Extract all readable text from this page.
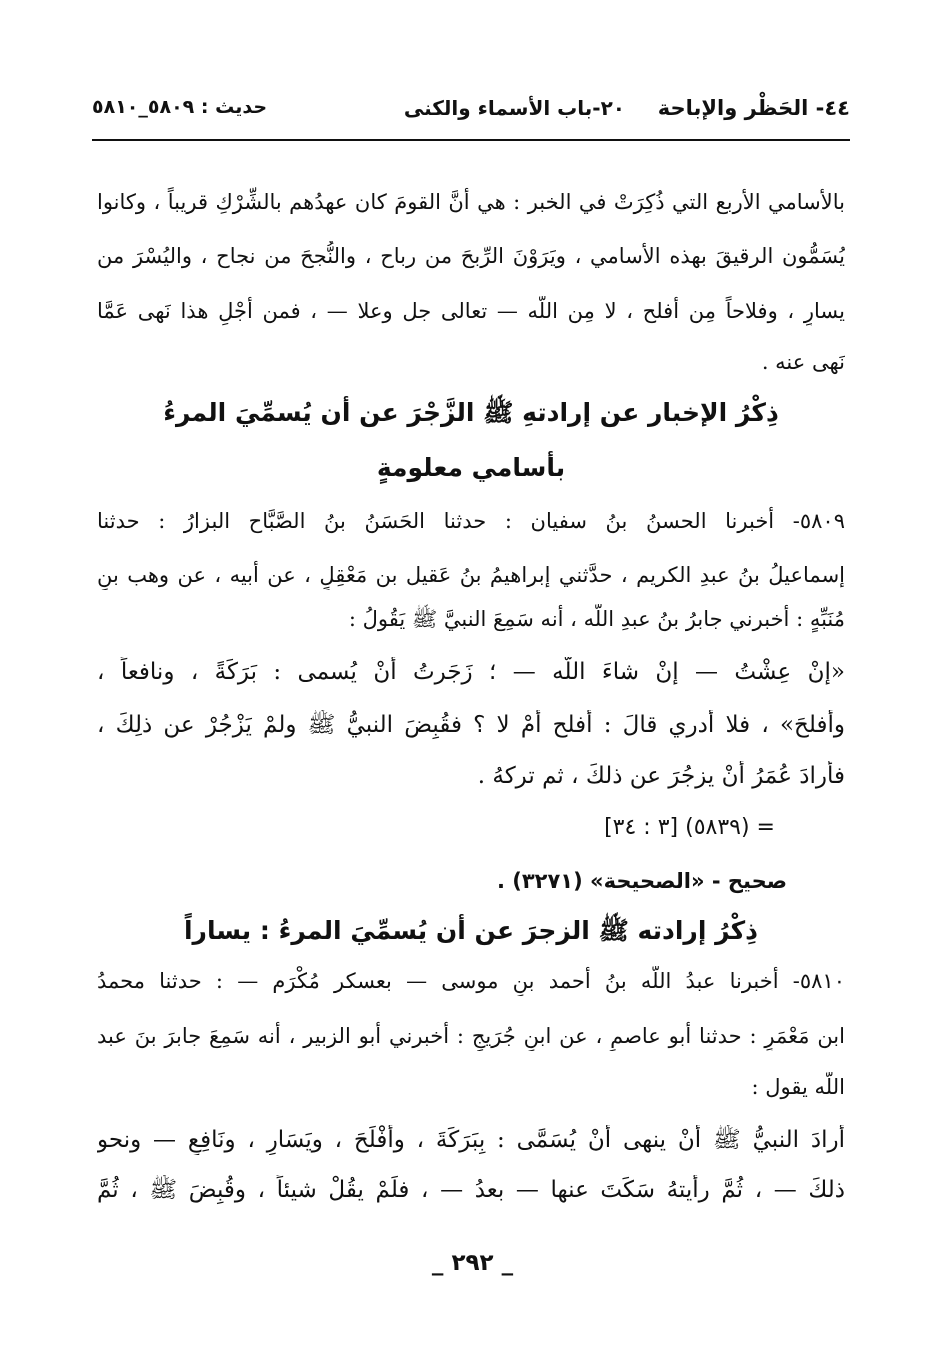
٤٤- الحَظْر والإباحة
٢٠-باب الأسماء والكنى
حديث : ٥٨٠٩_٥٨١٠
بالأسامي الأربع التي ذُكِرَتْ في الخبر : هي أنَّ القومَ كان عهدُهم بالشِّرْكِ قريباً ، وكانوا
يُسَمُّون الرقيقَ بهذه الأسامي ، ويَرَوْنَ الرِّبحَ من رباح ، والنُّجحَ من نجاح ، واليُسْرَ من
يسارٍ ، وفلاحاً مِن أفلح ، لا مِن اللّه — تعالى جل وعلا — ، فمن أجْلِ هذا نَهى عَمَّا
نَهى عنه .
ذِكْرُ الإخبار عن إرادتهِ ﷺ الزَّجْرَ عن أن يُسمِّيَ المرءُ
بأسامي معلومةٍ
٥٨٠٩- أخبرنا الحسنُ بنُ سفيان : حدثنا الحَسَنُ بنُ الصَّبَّاح البزارُ : حدثنا
إسماعيلُ بنُ عبدِ الكريم ، حدَّثني إبراهيمُ بنُ عَقيل بن مَعْقِلٍ ، عن أبيه ، عن وهب بنِ
مُنَبِّهٍ : أخبرني جابرُ بنُ عبدِ اللّه ، أنه سَمِعَ النبيَّ ﷺ يَقُولُ :
«إنْ عِشْتُ — إنْ شاءَ اللّه — ؛ زَجَرتُ أنْ يُسمى : بَرَكَةً ، ونافعاً ،
وأفلحَ» ، فلا أدري قالَ : أفلح أمْ لا ؟ فقُبِضَ النبيُّ ﷺ ولمْ يَزْجُرْ عن ذلِكَ ،
فأرادَ عُمَرُ أنْ يزجُرَ عن ذلكَ ، ثم تركهُ .
= (٥٨٣٩) [٣ : ٣٤]
صحيح - «الصحيحة» (٣٢٧١) .
ذِكْرُ إرادته ﷺ الزجرَ عن أن يُسمِّيَ المرءُ : يساراً
٥٨١٠- أخبرنا عبدُ اللّه بنُ أحمد بنِ موسى — بعسكر مُكْرَم — : حدثنا محمدُ
ابن مَعْمَرٍ : حدثنا أبو عاصمٍ ، عن ابنِ جُرَيجٍ : أخبرني أبو الزبير ، أنه سَمِعَ جابرَ بنَ عبد
اللّه يقول :
أرادَ النبيُّ ﷺ أنْ ينهى أنْ يُسَمَّى : بِبَرَكَةَ ، وأَفْلَحَ ، ويَسَارٍ ، ونَافِعٍ — ونحو
ذلكَ — ، ثُمَّ رأيتهُ سَكَتَ عنها — بعدُ — ، فلَمْ يقُلْ شيئاً ، وقُبِضَ ﷺ ، ثُمَّ
_ ٢٩٢ _
